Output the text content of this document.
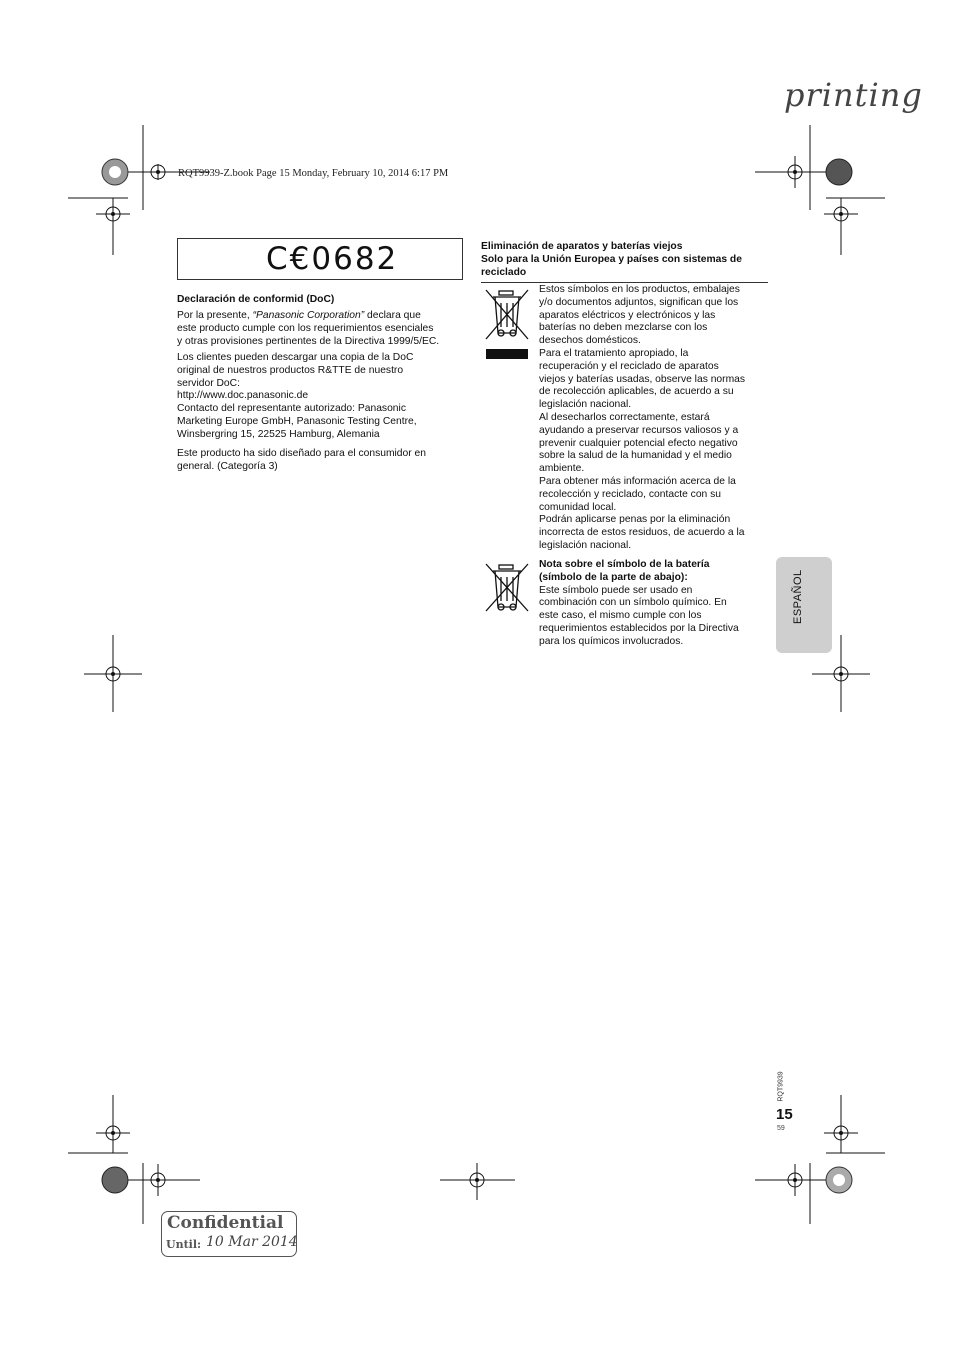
printing
RQT9939-Z.book Page 15 Monday, February 10, 2014 6:17 PM
C€0682
Declaración de conformid (DoC)
Por la presente, “Panasonic Corporation” declara que
este producto cumple con los requerimientos esenciales
y otras provisiones pertinentes de la Directiva 1999/5/EC.
Los clientes pueden descargar una copia de la DoC
original de nuestros productos R&TTE de nuestro
servidor DoC:
http://www.doc.panasonic.de
Contacto del representante autorizado: Panasonic
Marketing Europe GmbH, Panasonic Testing Centre,
Winsbergring 15, 22525 Hamburg, Alemania
Este producto ha sido diseñado para el consumidor en
general. (Categoría 3)
Eliminación de aparatos y baterías viejos
Solo para la Unión Europea y países con sistemas de
reciclado
Estos símbolos en los productos, embalajes
y/o documentos adjuntos, significan que los
aparatos eléctricos y electrónicos y las
baterías no deben mezclarse con los
desechos domésticos.
Para el tratamiento apropiado, la
recuperación y el reciclado de aparatos
viejos y baterías usadas, observe las normas
de recolección aplicables, de acuerdo a su
legislación nacional.
Al desecharlos correctamente, estará
ayudando a preservar recursos valiosos y a
prevenir cualquier potencial efecto negativo
sobre la salud de la humanidad y el medio
ambiente.
Para obtener más información acerca de la
recolección y reciclado, contacte con su
comunidad local.
Podrán aplicarse penas por la eliminación
incorrecta de estos residuos, de acuerdo a la
legislación nacional.
Nota sobre el símbolo de la batería
(símbolo de la parte de abajo):
Este símbolo puede ser usado en
combinación con un símbolo químico. En
este caso, el mismo cumple con los
requerimientos establecidos por la Directiva
para los químicos involucrados.
ESPAÑOL
RQT9939
15
59
Confidential
Until: 10 Mar 2014
